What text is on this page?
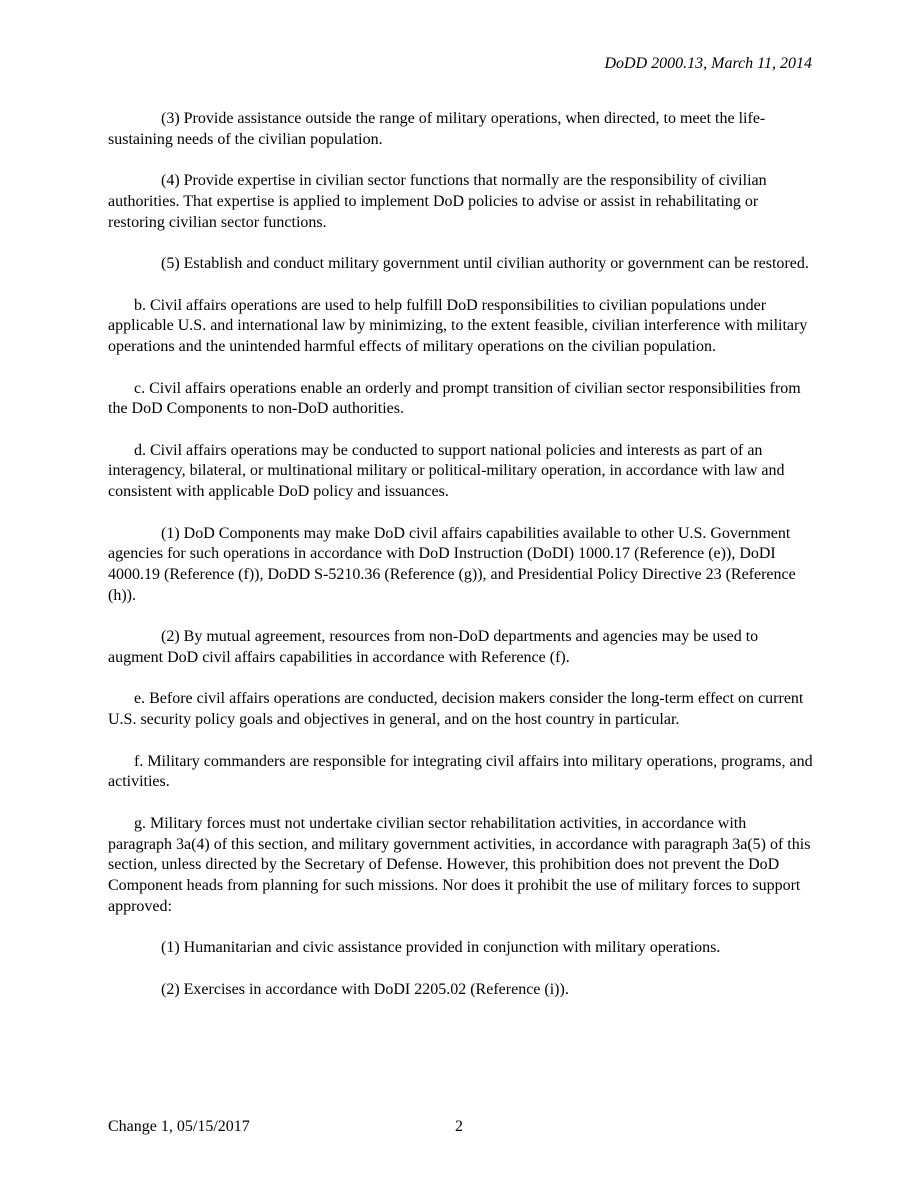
DoDD 2000.13, March 11, 2014

(3) Provide assistance outside the range of military operations, when directed, to meet the life-sustaining needs of the civilian population.

(4) Provide expertise in civilian sector functions that normally are the responsibility of civilian authorities. That expertise is applied to implement DoD policies to advise or assist in rehabilitating or restoring civilian sector functions.

(5) Establish and conduct military government until civilian authority or government can be restored.

b. Civil affairs operations are used to help fulfill DoD responsibilities to civilian populations under applicable U.S. and international law by minimizing, to the extent feasible, civilian interference with military operations and the unintended harmful effects of military operations on the civilian population.

c. Civil affairs operations enable an orderly and prompt transition of civilian sector responsibilities from the DoD Components to non-DoD authorities.

d. Civil affairs operations may be conducted to support national policies and interests as part of an interagency, bilateral, or multinational military or political-military operation, in accordance with law and consistent with applicable DoD policy and issuances.

(1) DoD Components may make DoD civil affairs capabilities available to other U.S. Government agencies for such operations in accordance with DoD Instruction (DoDI) 1000.17 (Reference (e)), DoDI 4000.19 (Reference (f)), DoDD S-5210.36 (Reference (g)), and Presidential Policy Directive 23 (Reference (h)).

(2) By mutual agreement, resources from non-DoD departments and agencies may be used to augment DoD civil affairs capabilities in accordance with Reference (f).

e. Before civil affairs operations are conducted, decision makers consider the long-term effect on current U.S. security policy goals and objectives in general, and on the host country in particular.

f. Military commanders are responsible for integrating civil affairs into military operations, programs, and activities.

g. Military forces must not undertake civilian sector rehabilitation activities, in accordance with paragraph 3a(4) of this section, and military government activities, in accordance with paragraph 3a(5) of this section, unless directed by the Secretary of Defense. However, this prohibition does not prevent the DoD Component heads from planning for such missions. Nor does it prohibit the use of military forces to support approved:

(1) Humanitarian and civic assistance provided in conjunction with military operations.

(2) Exercises in accordance with DoDI 2205.02 (Reference (i)).

Change 1, 05/15/2017	2
